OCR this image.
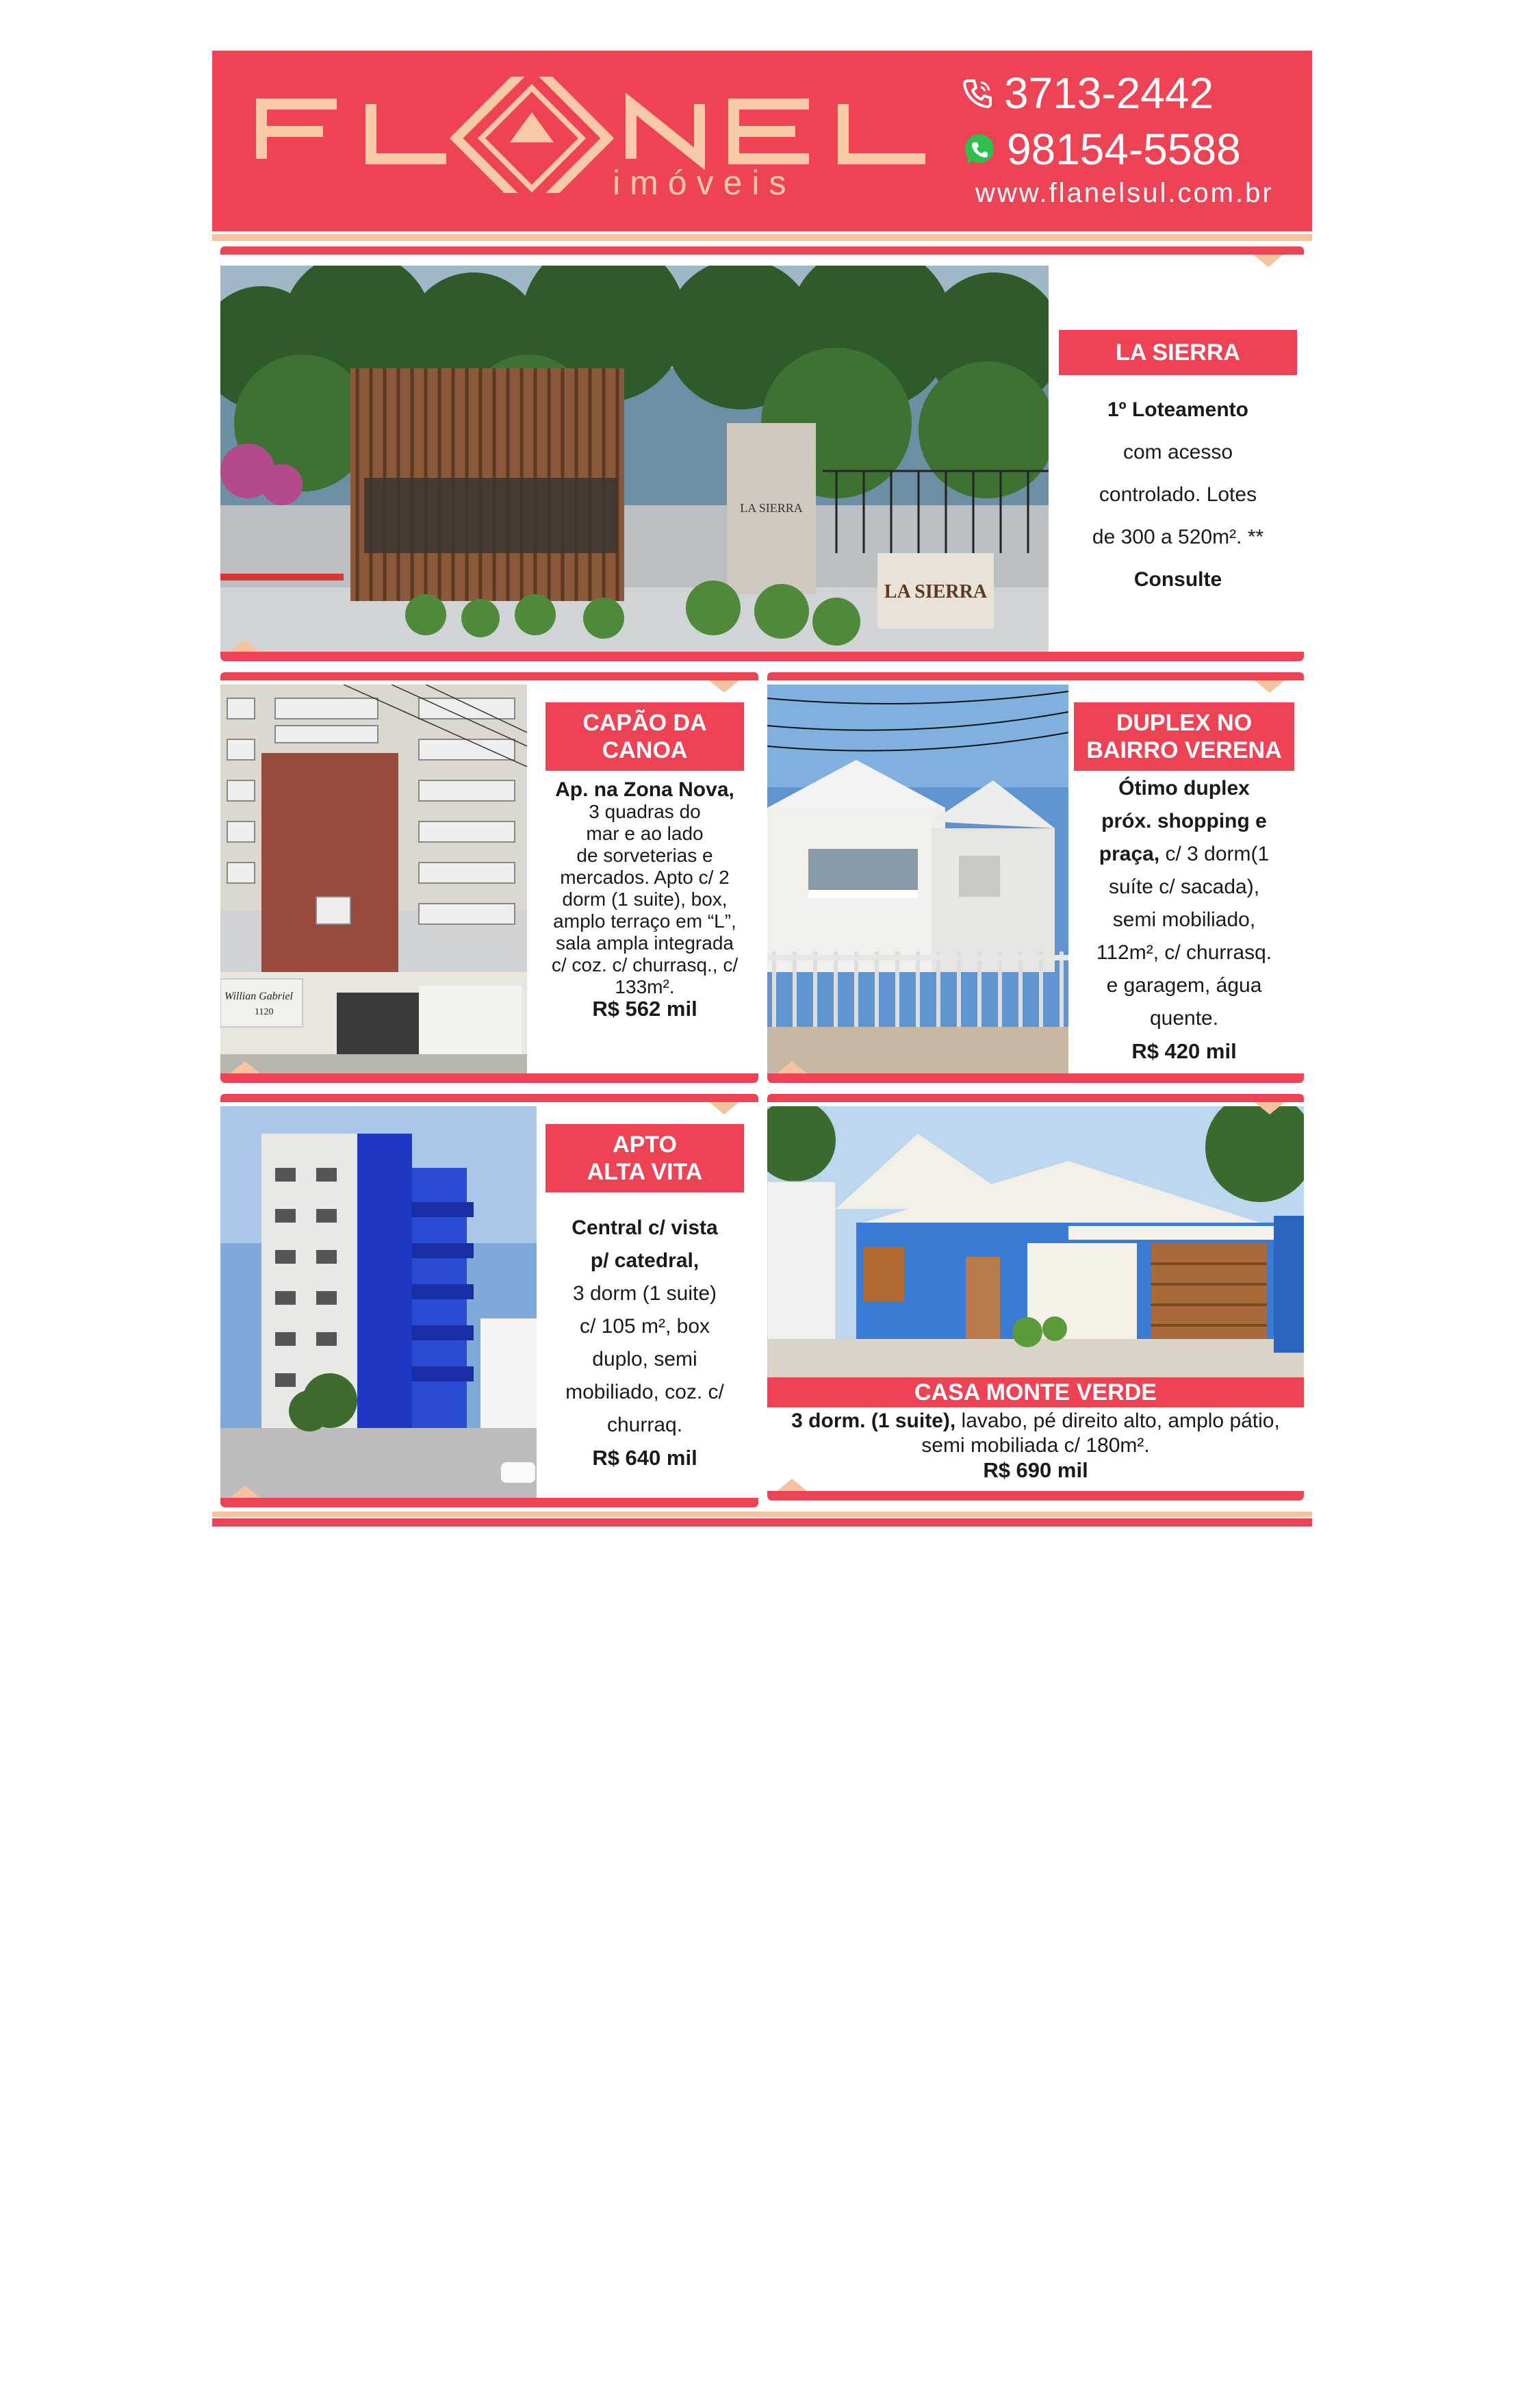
imóveis
3713-2442
98154-5588
www.flanelsul.com.br
LA SIERRA
LA SIERRA
LA SIERRA
1º Loteamento
com acesso
controlado. Lotes
de 300 a 520m². **
Consulte
Willian Gabriel
1120
CAPÃO DA
CANOA
Ap. na Zona Nova,
3 quadras do
mar e ao lado
de sorveterias e
mercados. Apto c/ 2
dorm (1 suite), box,
amplo terraço em “L”,
sala ampla integrada
c/ coz. c/ churrasq., c/
133m².
R$ 562 mil
DUPLEX NO
BAIRRO VERENA
Ótimo duplex
próx. shopping e
praça, c/ 3 dorm(1
suíte c/ sacada),
semi mobiliado,
112m², c/ churrasq.
e garagem, água
quente.
R$ 420 mil
APTO
ALTA VITA
Central c/ vista
p/ catedral,
3 dorm (1 suite)
c/ 105 m², box
duplo, semi
mobiliado, coz. c/
churraq.
R$ 640 mil
CASA MONTE VERDE
3 dorm. (1 suite), lavabo, pé direito alto, amplo pátio,
semi mobiliada c/ 180m².
R$ 690 mil
